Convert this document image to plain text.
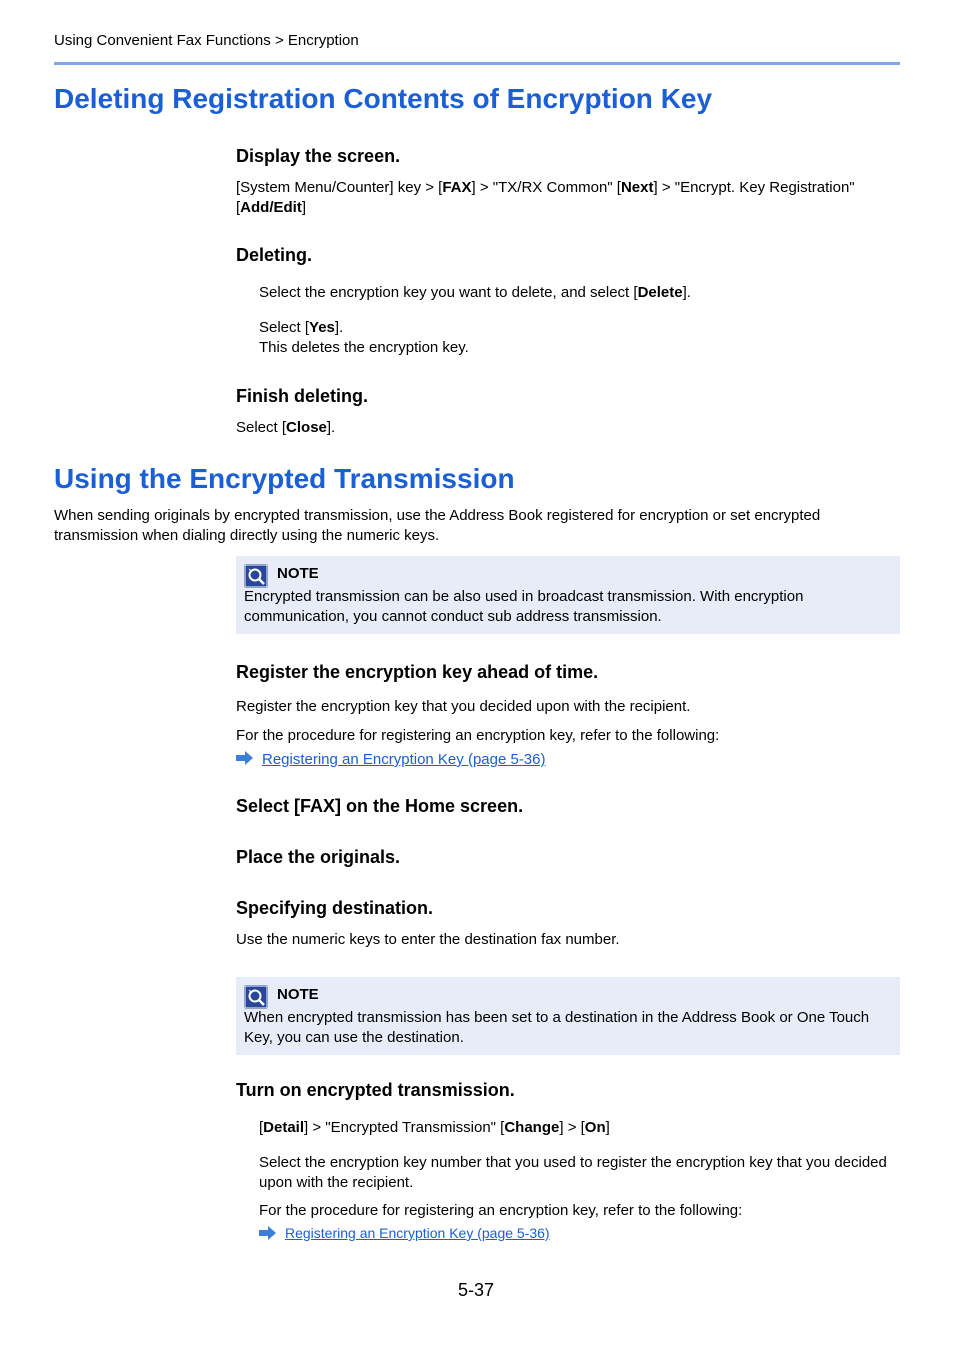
Using Convenient Fax Functions > Encryption
Deleting Registration Contents of Encryption Key
Display the screen.
[System Menu/Counter] key > [FAX] > "TX/RX Common" [Next] > "Encrypt. Key Registration"
[Add/Edit]
Deleting.
Select the encryption key you want to delete, and select [Delete].
Select [Yes].
This deletes the encryption key.
Finish deleting.
Select [Close].
Using the Encrypted Transmission
When sending originals by encrypted transmission, use the Address Book registered for encryption or set encrypted
transmission when dialing directly using the numeric keys.
NOTE
Encrypted transmission can be also used in broadcast transmission. With encryption communication, you cannot conduct sub address transmission.
Register the encryption key ahead of time.
Register the encryption key that you decided upon with the recipient.
For the procedure for registering an encryption key, refer to the following:
Registering an Encryption Key (page 5-36)
Select [FAX] on the Home screen.
Place the originals.
Specifying destination.
Use the numeric keys to enter the destination fax number.
NOTE
When encrypted transmission has been set to a destination in the Address Book or One Touch Key, you can use the destination.
Turn on encrypted transmission.
[Detail] > "Encrypted Transmission" [Change] > [On]
Select the encryption key number that you used to register the encryption key that you decided upon with the recipient.
For the procedure for registering an encryption key, refer to the following:
Registering an Encryption Key (page 5-36)
5-37
